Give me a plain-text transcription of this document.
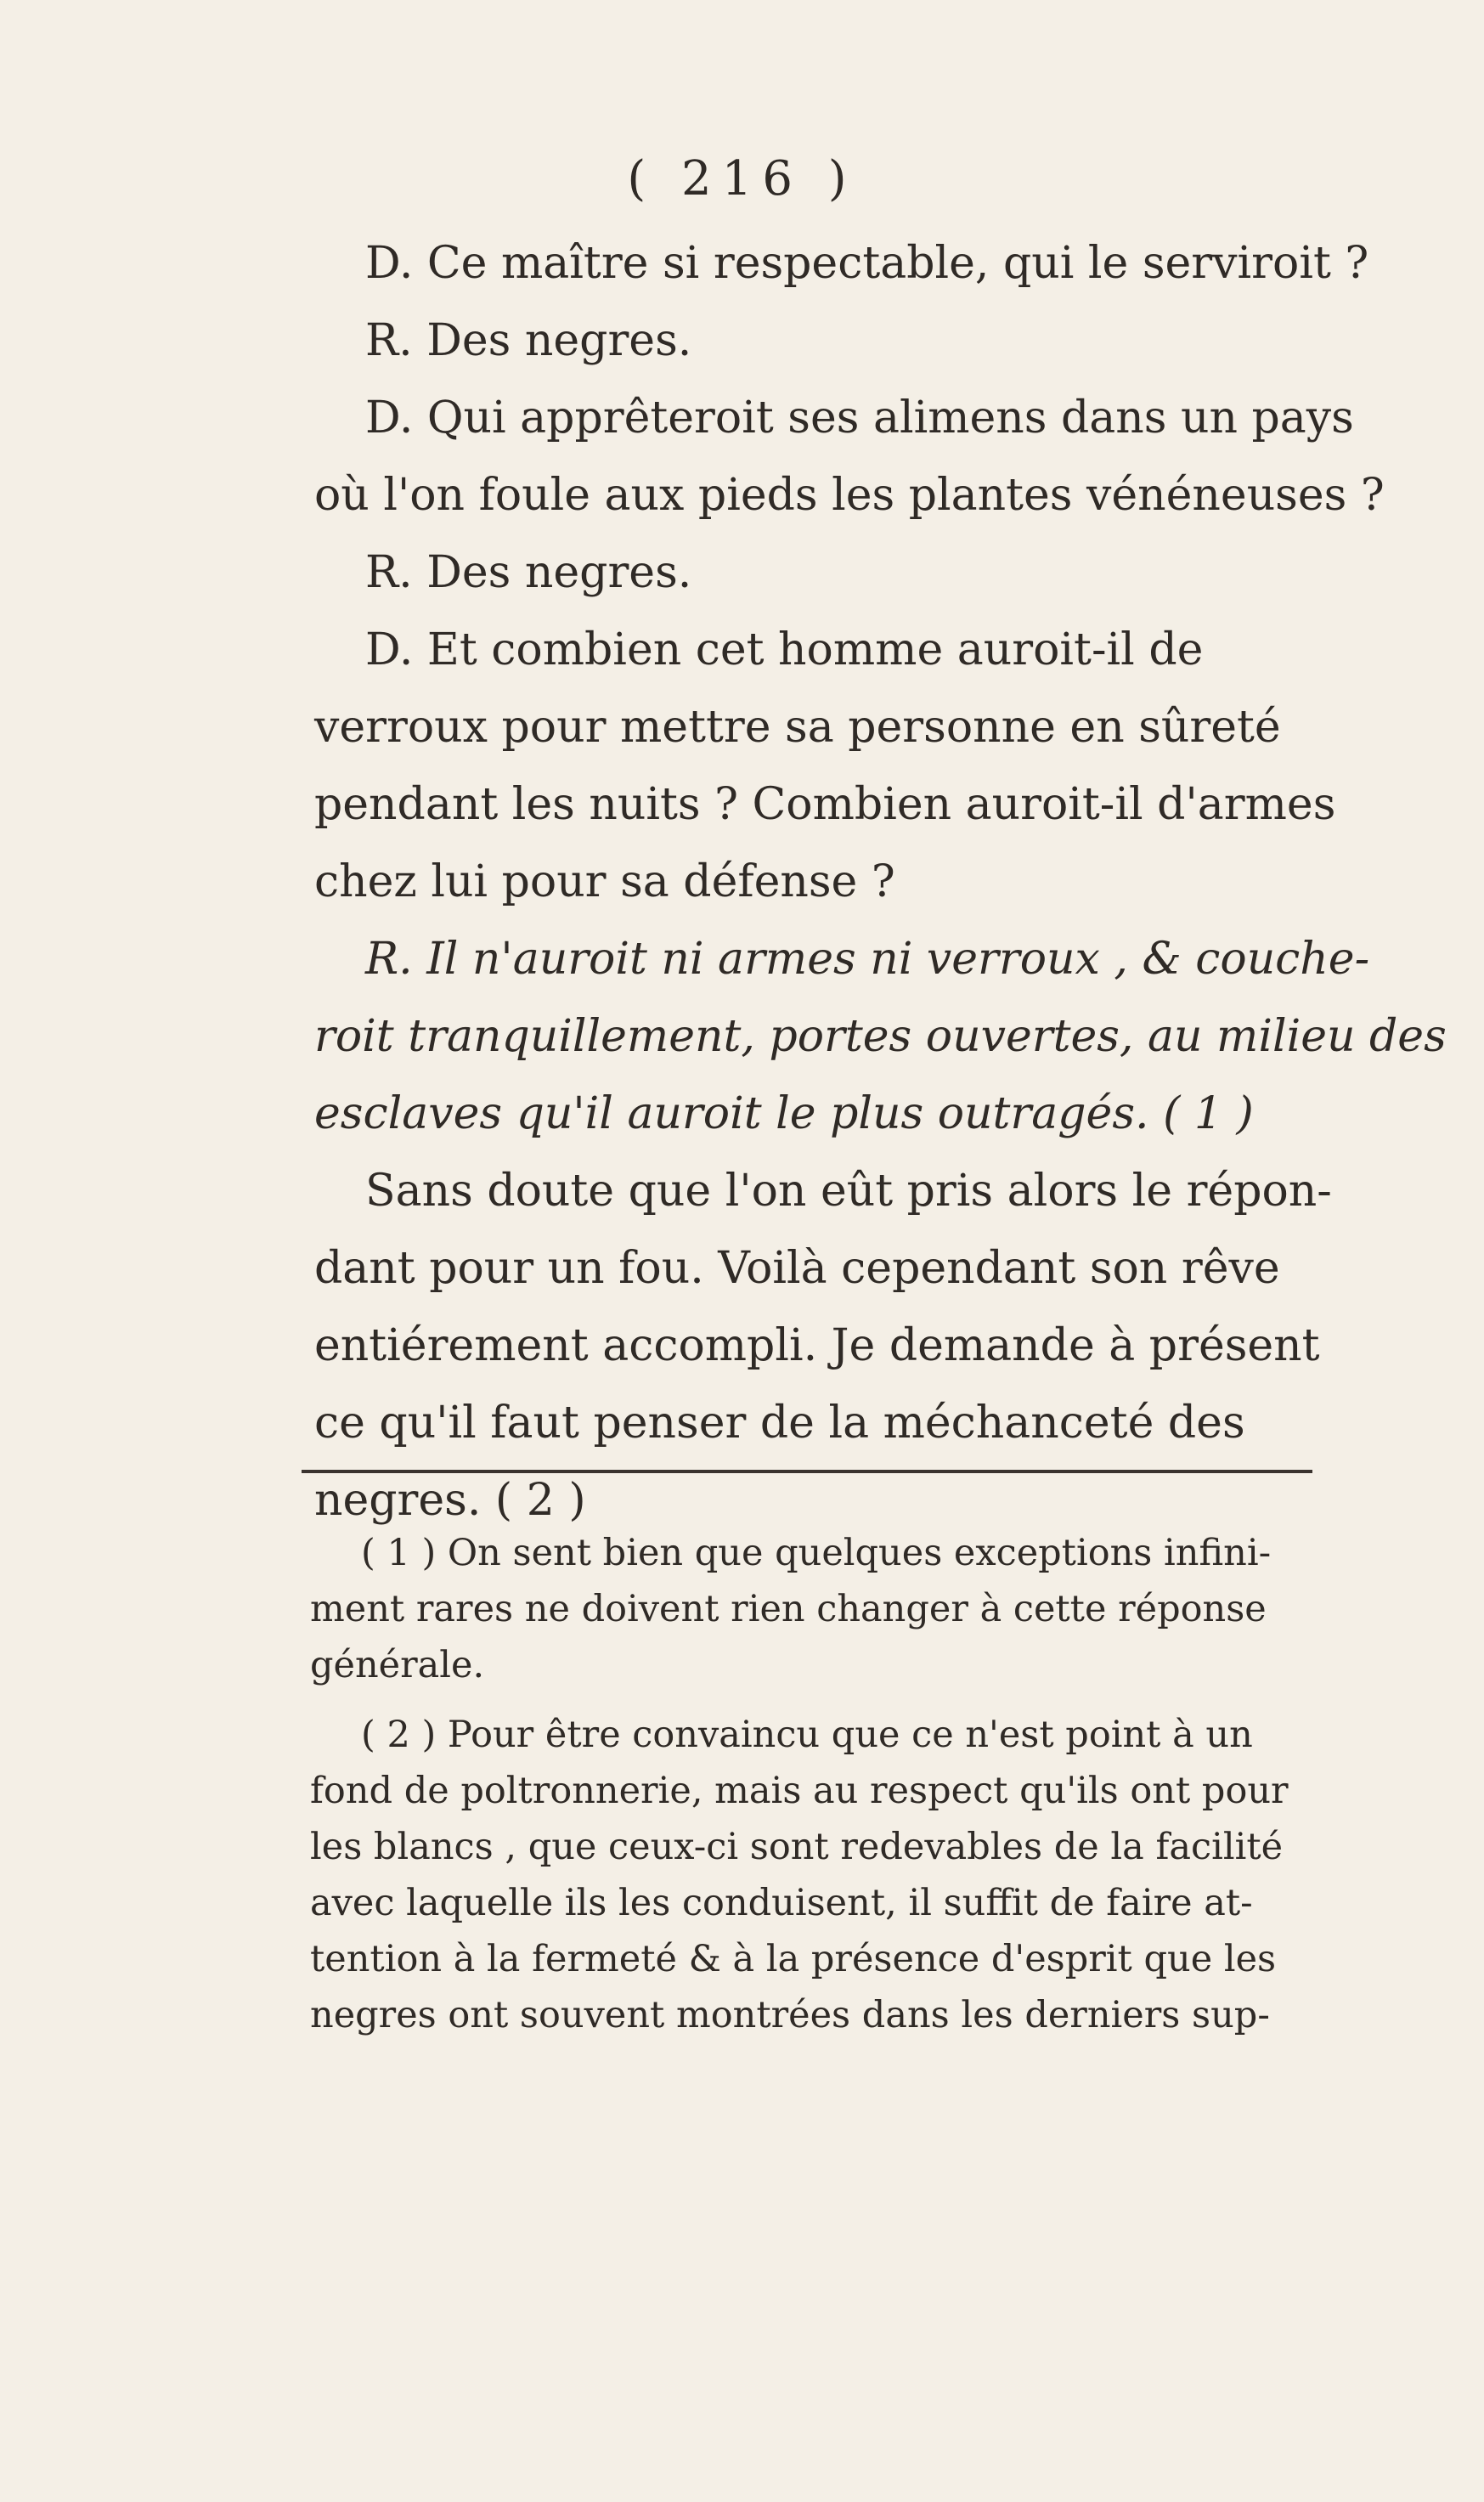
( 216 )
D. Ce maître si respectable, qui le serviroit ?
R. Des negres.
D. Qui apprêteroit ses alimens dans un pays
où l'on foule aux pieds les plantes vénéneuses ?
R. Des negres.
D. Et combien cet homme auroit-il de
verroux pour mettre sa personne en sûreté
pendant les nuits ? Combien auroit-il d'armes
chez lui pour sa défense ?
R. Il n'auroit ni armes ni verroux , & couche-
roit tranquillement, portes ouvertes, au milieu des
esclaves qu'il auroit le plus outragés. ( 1 )
Sans doute que l'on eût pris alors le répon-
dant pour un fou. Voilà cependant son rêve
entiérement accompli. Je demande à présent
ce qu'il faut penser de la méchanceté des
negres. ( 2 )
( 1 ) On sent bien que quelques exceptions infini-
ment rares ne doivent rien changer à cette réponse
générale.
( 2 ) Pour être convaincu que ce n'est point à un
fond de poltronnerie, mais au respect qu'ils ont pour
les blancs , que ceux-ci sont redevables de la facilité
avec laquelle ils les conduisent, il suffit de faire at-
tention à la fermeté & à la présence d'esprit que les
negres ont souvent montrées dans les derniers sup-
